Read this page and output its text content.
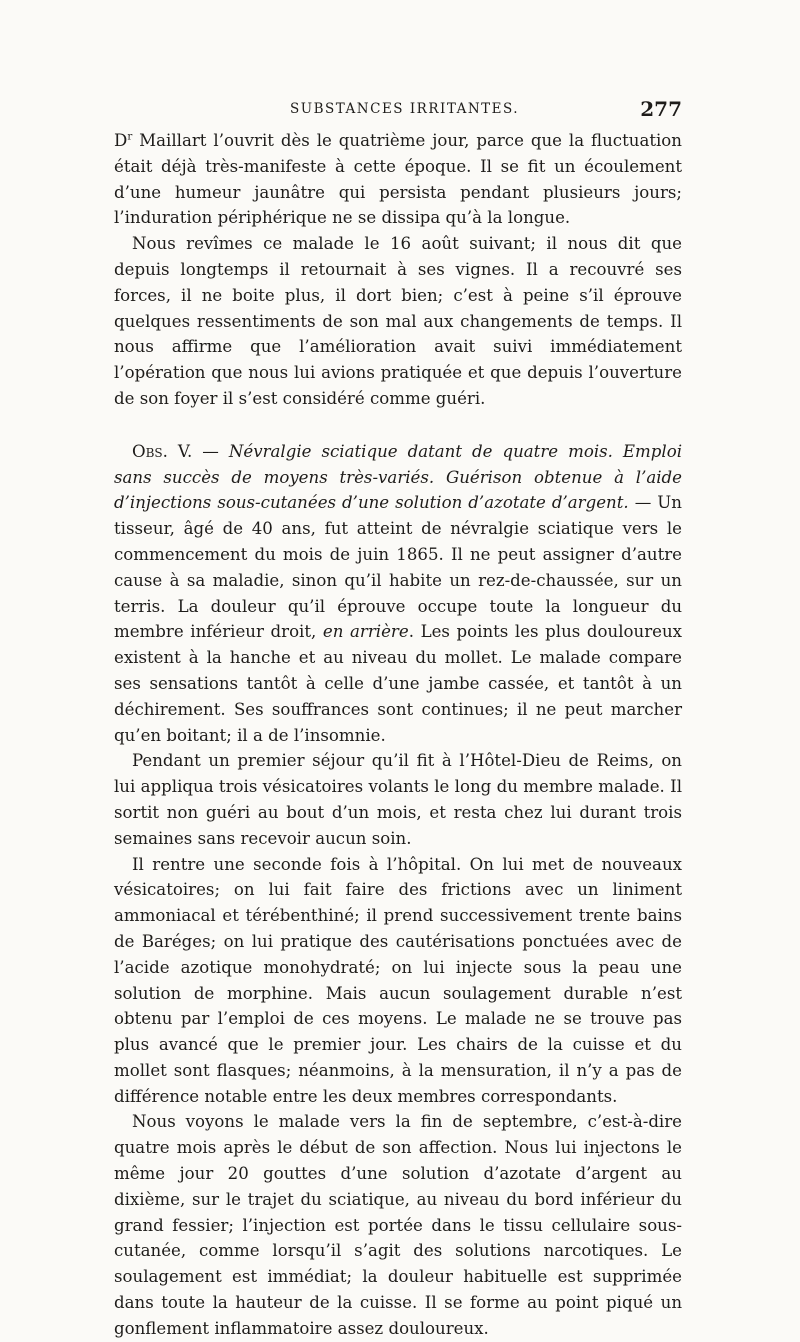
SUBSTANCES IRRITANTES.	277

$D^r$ Maillart l’ouvrit dès le quatrième jour, parce que la fluctuation était déjà très-manifeste à cette époque. Il se fit un écoulement d’une humeur jaunâtre qui persista pendant plusieurs jours; l’induration périphérique ne se dissipa qu’à la longue.

Nous revîmes ce malade le 16 août suivant; il nous dit que depuis longtemps il retournait à ses vignes. Il a recouvré ses forces, il ne boite plus, il dort bien; c’est à peine s’il éprouve quelques ressentiments de son mal aux changements de temps. Il nous affirme que l’amélioration avait suivi immédiatement l’opération que nous lui avions pratiquée et que depuis l’ouverture de son foyer il s’est considéré comme guéri.

Obs. V. — Névralgie sciatique datant de quatre mois. Emploi sans succès de moyens très-variés. Guérison obtenue à l’aide d’injections sous-cutanées d’une solution d’azotate d’argent. — Un tisseur, âgé de 40 ans, fut atteint de névralgie sciatique vers le commencement du mois de juin 1865. Il ne peut assigner d’autre cause à sa maladie, sinon qu’il habite un rez-de-chaussée, sur un terris. La douleur qu’il éprouve occupe toute la longueur du membre inférieur droit, en arrière. Les points les plus douloureux existent à la hanche et au niveau du mollet. Le malade compare ses sensations tantôt à celle d’une jambe cassée, et tantôt à un déchirement. Ses souffrances sont continues; il ne peut marcher qu’en boitant; il a de l’insomnie.

Pendant un premier séjour qu’il fit à l’Hôtel-Dieu de Reims, on lui appliqua trois vésicatoires volants le long du membre malade. Il sortit non guéri au bout d’un mois, et resta chez lui durant trois semaines sans recevoir aucun soin.

Il rentre une seconde fois à l’hôpital. On lui met de nouveaux vésicatoires; on lui fait faire des frictions avec un liniment ammoniacal et térébenthiné; il prend successivement trente bains de Baréges; on lui pratique des cautérisations ponctuées avec de l’acide azotique monohydraté; on lui injecte sous la peau une solution de morphine. Mais aucun soulagement durable n’est obtenu par l’emploi de ces moyens. Le malade ne se trouve pas plus avancé que le premier jour. Les chairs de la cuisse et du mollet sont flasques; néanmoins, à la mensuration, il n’y a pas de différence notable entre les deux membres correspondants.

Nous voyons le malade vers la fin de septembre, c’est-à-dire quatre mois après le début de son affection. Nous lui injectons le même jour 20 gouttes d’une solution d’azotate d’argent au dixième, sur le trajet du sciatique, au niveau du bord inférieur du grand fessier; l’injection est portée dans le tissu cellulaire sous-cutanée, comme lorsqu’il s’agit des solutions narcotiques. Le soulagement est immédiat; la douleur habituelle est supprimée dans toute la hauteur de la cuisse. Il se forme au point piqué un gonflement inflammatoire assez douloureux.
